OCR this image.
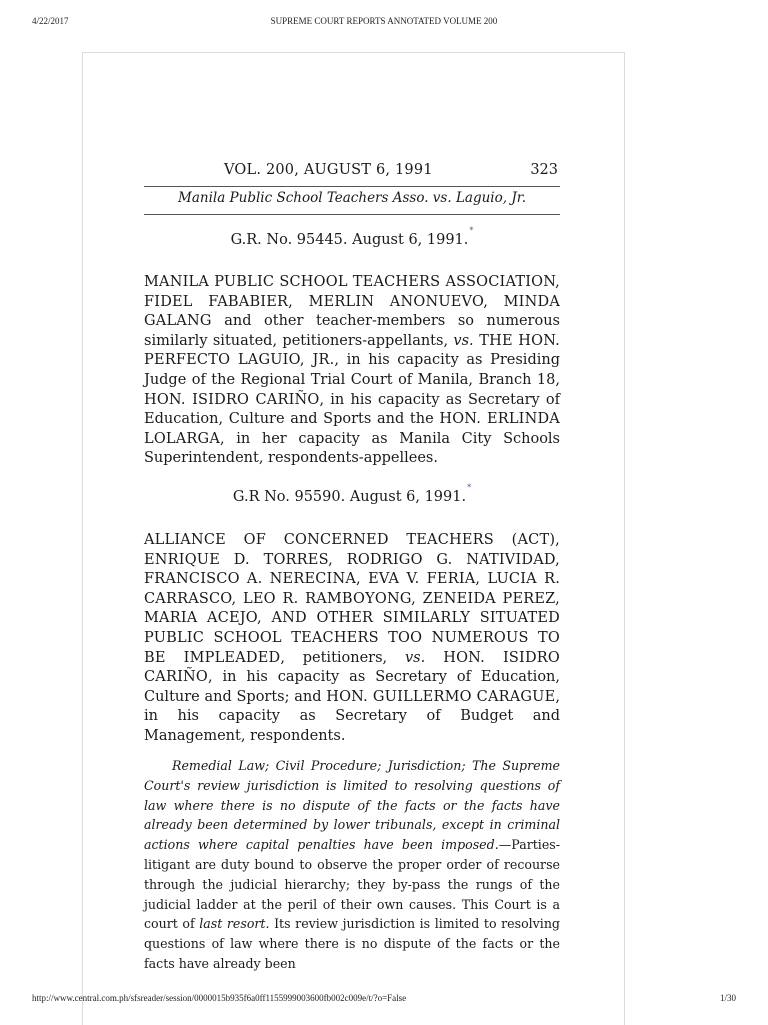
4/22/2017	SUPREME COURT REPORTS ANNOTATED VOLUME 200
VOL. 200, AUGUST 6, 1991	323
Manila Public School Teachers Asso. vs. Laguio, Jr.
G.R. No. 95445. August 6, 1991.*
MANILA PUBLIC SCHOOL TEACHERS ASSOCIATION, FIDEL FABABIER, MERLIN ANONUEVO, MINDA GALANG and other teacher-members so numerous similarly situated, petitioners-appellants, vs. THE HON. PERFECTO LAGUIO, JR., in his capacity as Presiding Judge of the Regional Trial Court of Manila, Branch 18, HON. ISIDRO CARIÑO, in his capacity as Secretary of Education, Culture and Sports and the HON. ERLINDA LOLARGA, in her capacity as Manila City Schools Superintendent, respondents-appellees.
G.R No. 95590. August 6, 1991.*
ALLIANCE OF CONCERNED TEACHERS (ACT), ENRIQUE D. TORRES, RODRIGO G. NATIVIDAD, FRANCISCO A. NERECINA, EVA V. FERIA, LUCIA R. CARRASCO, LEO R. RAMBOYONG, ZENEIDA PEREZ, MARIA ACEJO, AND OTHER SIMILARLY SITUATED PUBLIC SCHOOL TEACHERS TOO NUMEROUS TO BE IMPLEADED, petitioners, vs. HON. ISIDRO CARIÑO, in his capacity as Secretary of Education, Culture and Sports; and HON. GUILLERMO CARAGUE, in his capacity as Secretary of Budget and Management, respondents.
Remedial Law; Civil Procedure; Jurisdiction; The Supreme Court's review jurisdiction is limited to resolving questions of law where there is no dispute of the facts or the facts have already been determined by lower tribunals, except in criminal actions where capital penalties have been imposed.—Parties-litigant are duty bound to observe the proper order of recourse through the judicial hierarchy; they by-pass the rungs of the judicial ladder at the peril of their own causes. This Court is a court of last resort. Its review jurisdiction is limited to resolving questions of law where there is no dispute of the facts or the facts have already been
http://www.central.com.ph/sfsreader/session/0000015b935f6a0ff1155999003600fb002c009e/t/?o=False	1/30
